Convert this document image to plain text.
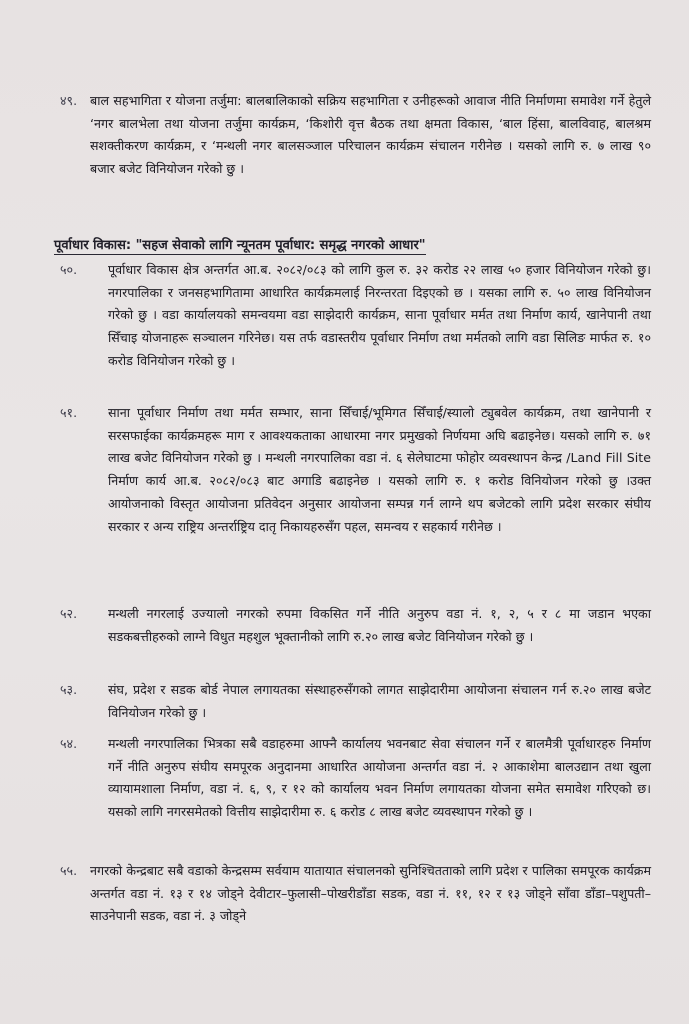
४९. बाल सहभागिता र योजना तर्जुमा: बालबालिकाको सक्रिय सहभागिता र उनीहरूको आवाज नीति निर्माणमा समावेश गर्ने हेतुले ‘नगर बालभेला तथा योजना तर्जुमा कार्यक्रम, ‘किशोरी वृत्त बैठक तथा क्षमता विकास, ‘बाल हिंसा, बालविवाह, बालश्रम सशक्तीकरण कार्यक्रम, र ‘मन्थली नगर बालसञ्जाल परिचालन कार्यक्रम संचालन गरीनेछ । यसको लागि रु. ७ लाख ९० बजार बजेट विनियोजन गरेको छु ।
पूर्वाधार विकास: "सहज सेवाको लागि न्यूनतम पूर्वाधार: समृद्ध नगरको आधार"
५०. पूर्वाधार विकास क्षेत्र अन्तर्गत आ.ब. २०८२/०८३ को लागि कुल रु. ३२ करोड २२ लाख ५० हजार विनियोजन गरेको छु। नगरपालिका र जनसहभागितामा आधारित कार्यक्रमलाई निरन्तरता दिइएको छ । यसका लागि रु. ५० लाख विनियोजन गरेको छु । वडा कार्यालयको समन्वयमा वडा साझेदारी कार्यक्रम, साना पूर्वाधार मर्मत तथा निर्माण कार्य, खानेपानी तथा सिँचाइ योजनाहरू सञ्चालन गरिनेछ। यस तर्फ वडास्तरीय पूर्वाधार निर्माण तथा मर्मतको लागि वडा सिलिङ मार्फत रु. १० करोड विनियोजन गरेको छु ।
५१. साना पूर्वाधार निर्माण तथा मर्मत सम्भार, साना सिँचाई/भूमिगत सिँचाई/स्यालो ट्युबवेल कार्यक्रम, तथा खानेपानी र सरसफाईका कार्यक्रमहरू माग र आवश्यकताका आधारमा नगर प्रमुखको निर्णयमा अघि बढाइनेछ। यसको लागि रु. ७१ लाख बजेट विनियोजन गरेको छु । मन्थली नगरपालिका वडा नं. ६ सेलेघाटमा फोहोर व्यवस्थापन केन्द्र /Land Fill Site निर्माण कार्य आ.ब. २०८२/०८३ बाट अगाडि बढाइनेछ । यसको लागि रु. १ करोड विनियोजन गरेको छु ।उक्त आयोजनाको विस्तृत आयोजना प्रतिवेदन अनुसार आयोजना सम्पन्न गर्न लाग्ने थप बजेटको लागि प्रदेश सरकार संघीय सरकार र अन्य राष्ट्रिय अन्तर्राष्ट्रिय दातृ निकायहरुसँग पहल, समन्वय र सहकार्य गरीनेछ ।
५२. मन्थली नगरलाई उज्यालो नगरको रुपमा विकसित गर्ने नीति अनुरुप वडा नं. १, २, ५ र ८ मा जडान भएका सडकबत्तीहरुको लाग्ने विधुत महशुल भूक्तानीको लागि रु.२० लाख बजेट विनियोजन गरेको छु ।
५३. संघ, प्रदेश र सडक बोर्ड नेपाल लगायतका संस्थाहरुसँगको लागत साझेदारीमा आयोजना संचालन गर्न रु.२० लाख बजेट विनियोजन गरेको छु ।
५४. मन्थली नगरपालिका भित्रका सबै वडाहरुमा आफ्नै कार्यालय भवनबाट सेवा संचालन गर्ने र बालमैत्री पूर्वाधारहरु निर्माण गर्ने नीति अनुरुप संघीय समपूरक अनुदानमा आधारित आयोजना अन्तर्गत वडा नं. २ आकाशेमा बालउद्यान तथा खुला व्यायामशाला निर्माण, वडा नं. ६, ९, र १२ को कार्यालय भवन निर्माण लगायतका योजना समेत समावेश गरिएको छ। यसको लागि नगरसमेतको वित्तीय साझेदारीमा रु. ६ करोड ८ लाख बजेट व्यवस्थापन गरेको छु ।
५५. नगरको केन्द्रबाट सबै वडाको केन्द्रसम्म सर्वयाम यातायात संचालनको सुनिश्चितताको लागि प्रदेश र पालिका समपूरक कार्यक्रम अन्तर्गत वडा नं. १३ र १४ जोड्ने देवीटार–फुलासी–पोखरीडाँडा सडक, वडा नं. ११, १२ र १३ जोड्ने साँवा डाँडा–पशुपती–साउनेपानी सडक, वडा नं. ३ जोड्ने
